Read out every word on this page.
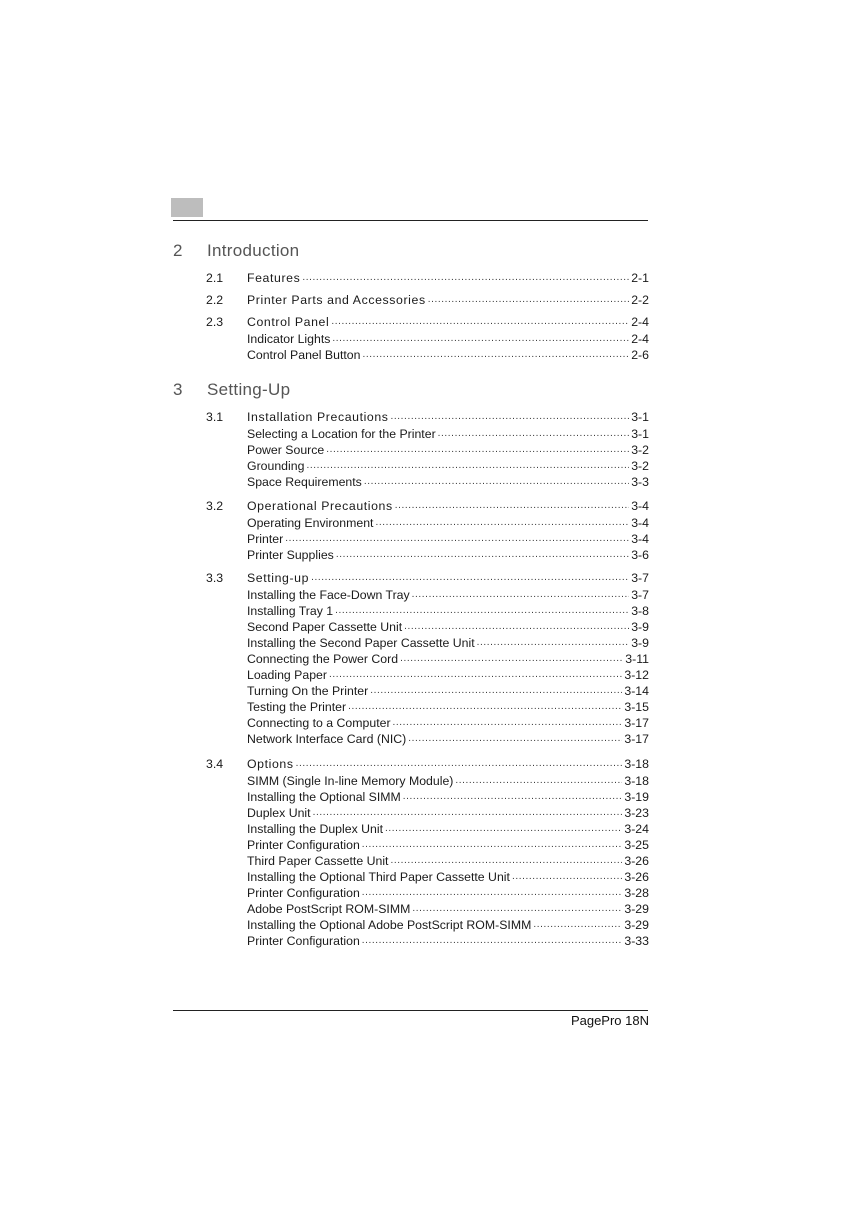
2 Introduction
2.1	Features .....	2-1
2.2	Printer Parts and Accessories .....	2-2
2.3	Control Panel .....	2-4
Indicator Lights .....	2-4
Control Panel Button .....	2-6
3 Setting-Up
3.1	Installation Precautions .....	3-1
Selecting a Location for the Printer .....	3-1
Power Source .....	3-2
Grounding .....	3-2
Space Requirements .....	3-3
3.2	Operational Precautions .....	3-4
Operating Environment .....	3-4
Printer .....	3-4
Printer Supplies .....	3-6
3.3	Setting-up .....	3-7
Installing the Face-Down Tray .....	3-7
Installing Tray 1 .....	3-8
Second Paper Cassette Unit .....	3-9
Installing the Second Paper Cassette Unit .....	3-9
Connecting the Power Cord .....	3-11
Loading Paper .....	3-12
Turning On the Printer .....	3-14
Testing the Printer .....	3-15
Connecting to a Computer .....	3-17
Network Interface Card (NIC) .....	3-17
3.4	Options .....	3-18
SIMM (Single In-line Memory Module) .....	3-18
Installing the Optional SIMM .....	3-19
Duplex Unit .....	3-23
Installing the Duplex Unit .....	3-24
Printer Configuration .....	3-25
Third Paper Cassette Unit .....	3-26
Installing the Optional Third Paper Cassette Unit .....	3-26
Printer Configuration .....	3-28
Adobe PostScript ROM-SIMM .....	3-29
Installing the Optional Adobe PostScript ROM-SIMM .....	3-29
Printer Configuration .....	3-33
PagePro 18N
